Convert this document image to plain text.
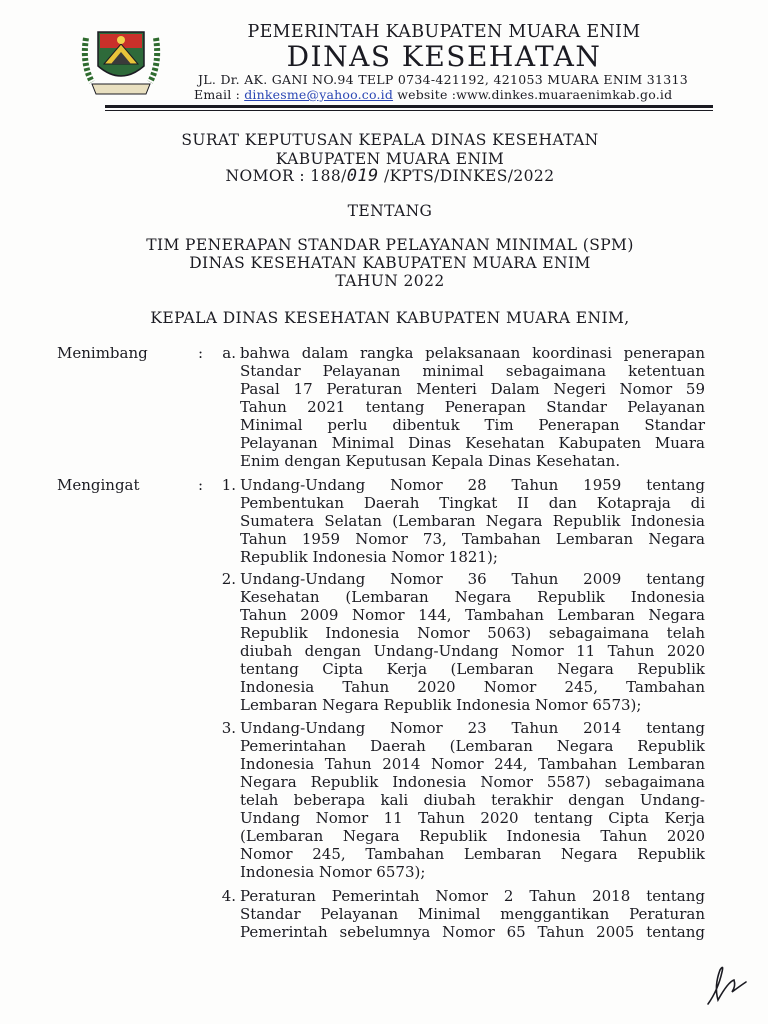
PEMERINTAH KABUPATEN MUARA ENIM
DINAS KESEHATAN
JL. Dr. AK. GANI NO.94 TELP 0734-421192, 421053 MUARA ENIM 31313
Email : dinkesme@yahoo.co.id website :www.dinkes.muaraenimkab.go.id
SURAT KEPUTUSAN KEPALA DINAS KESEHATAN
KABUPATEN MUARA ENIM
NOMOR : 188/019 /KPTS/DINKES/2022
TENTANG
TIM PENERAPAN STANDAR PELAYANAN MINIMAL (SPM)
DINAS KESEHATAN KABUPATEN MUARA ENIM
TAHUN 2022
KEPALA DINAS KESEHATAN KABUPATEN MUARA ENIM,
Menimbang	:	a. bahwa dalam rangka pelaksanaan koordinasi penerapan
Standar Pelayanan minimal sebagaimana ketentuan
Pasal 17 Peraturan Menteri Dalam Negeri Nomor 59
Tahun 2021 tentang Penerapan Standar Pelayanan
Minimal perlu dibentuk Tim Penerapan Standar
Pelayanan Minimal Dinas Kesehatan Kabupaten Muara
Enim dengan Keputusan Kepala Dinas Kesehatan.
Mengingat	:	1. Undang-Undang Nomor 28 Tahun 1959 tentang
Pembentukan Daerah Tingkat II dan Kotapraja di
Sumatera Selatan (Lembaran Negara Republik Indonesia
Tahun 1959 Nomor 73, Tambahan Lembaran Negara
Republik Indonesia Nomor 1821);
2. Undang-Undang Nomor 36 Tahun 2009 tentang
Kesehatan (Lembaran Negara Republik Indonesia
Tahun 2009 Nomor 144, Tambahan Lembaran Negara
Republik Indonesia Nomor 5063) sebagaimana telah
diubah dengan Undang-Undang Nomor 11 Tahun 2020
tentang Cipta Kerja (Lembaran Negara Republik
Indonesia Tahun 2020 Nomor 245, Tambahan
Lembaran Negara Republik Indonesia Nomor 6573);
3. Undang-Undang Nomor 23 Tahun 2014 tentang
Pemerintahan Daerah (Lembaran Negara Republik
Indonesia Tahun 2014 Nomor 244, Tambahan Lembaran
Negara Republik Indonesia Nomor 5587) sebagaimana
telah beberapa kali diubah terakhir dengan Undang-
Undang Nomor 11 Tahun 2020 tentang Cipta Kerja
(Lembaran Negara Republik Indonesia Tahun 2020
Nomor 245, Tambahan Lembaran Negara Republik
Indonesia Nomor 6573);
4. Peraturan Pemerintah Nomor 2 Tahun 2018 tentang
Standar Pelayanan Minimal menggantikan Peraturan
Pemerintah sebelumnya Nomor 65 Tahun 2005 tentang
